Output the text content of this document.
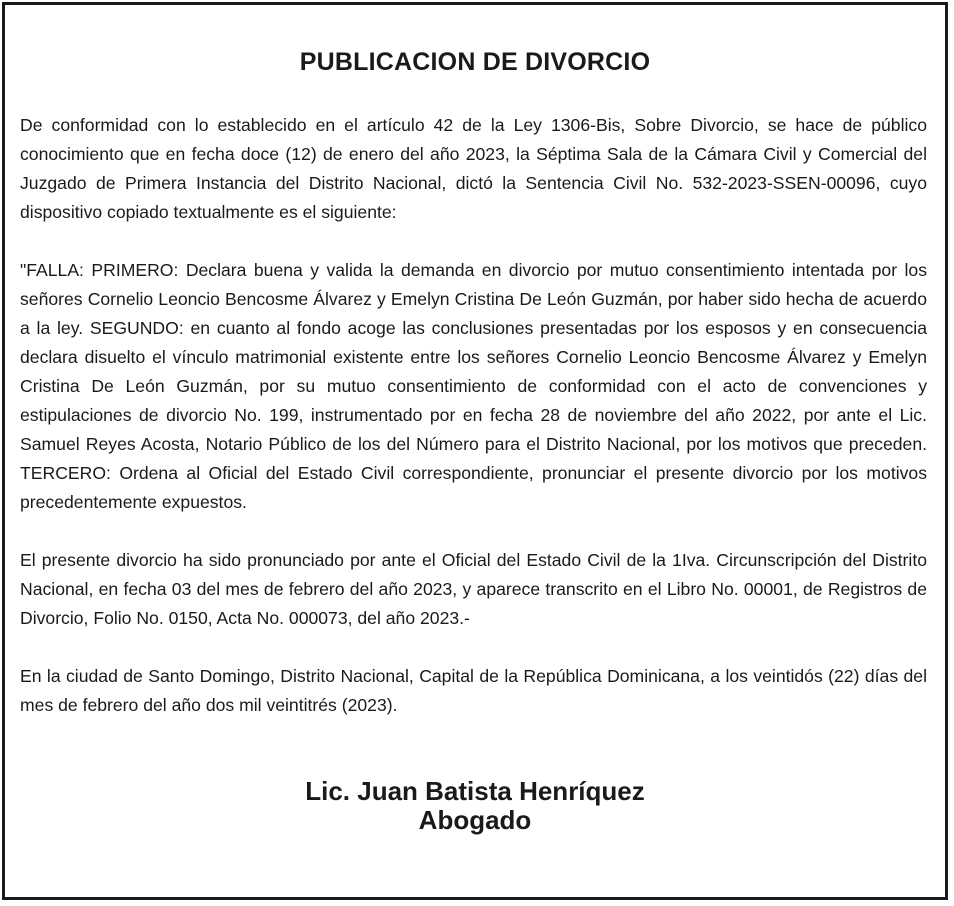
PUBLICACION DE DIVORCIO

De conformidad con lo establecido en el artículo 42 de la Ley 1306-Bis, Sobre Divorcio, se hace de público conocimiento que en fecha doce (12) de enero del año 2023, la Séptima Sala de la Cámara Civil y Comercial del Juzgado de Primera Instancia del Distrito Nacional, dictó la Sentencia Civil No. 532-2023-SSEN-00096, cuyo dispositivo copiado textualmente es el siguiente:

"FALLA: PRIMERO: Declara buena y valida la demanda en divorcio por mutuo consentimiento intentada por los señores Cornelio Leoncio Bencosme Álvarez y Emelyn Cristina De León Guzmán, por haber sido hecha de acuerdo a la ley. SEGUNDO: en cuanto al fondo acoge las conclusiones presentadas por los esposos y en consecuencia declara disuelto el vínculo matrimonial existente entre los señores Cornelio Leoncio Bencosme Álvarez y Emelyn Cristina De León Guzmán, por su mutuo consentimiento de conformidad con el acto de convenciones y estipulaciones de divorcio No. 199, instrumentado por en fecha 28 de noviembre del año 2022, por ante el Lic. Samuel Reyes Acosta, Notario Público de los del Número para el Distrito Nacional, por los motivos que preceden. TERCERO: Ordena al Oficial del Estado Civil correspondiente, pronunciar el presente divorcio por los motivos precedentemente expuestos.

El presente divorcio ha sido pronunciado por ante el Oficial del Estado Civil de la 1Iva. Circunscripción del Distrito Nacional, en fecha 03 del mes de febrero del año 2023, y aparece transcrito en el Libro No. 00001, de Registros de Divorcio, Folio No. 0150, Acta No. 000073, del año 2023.-

En la ciudad de Santo Domingo, Distrito Nacional, Capital de la República Dominicana, a los veintidós (22) días del mes de febrero del año dos mil veintitrés (2023).

Lic. Juan Batista Henríquez
Abogado
